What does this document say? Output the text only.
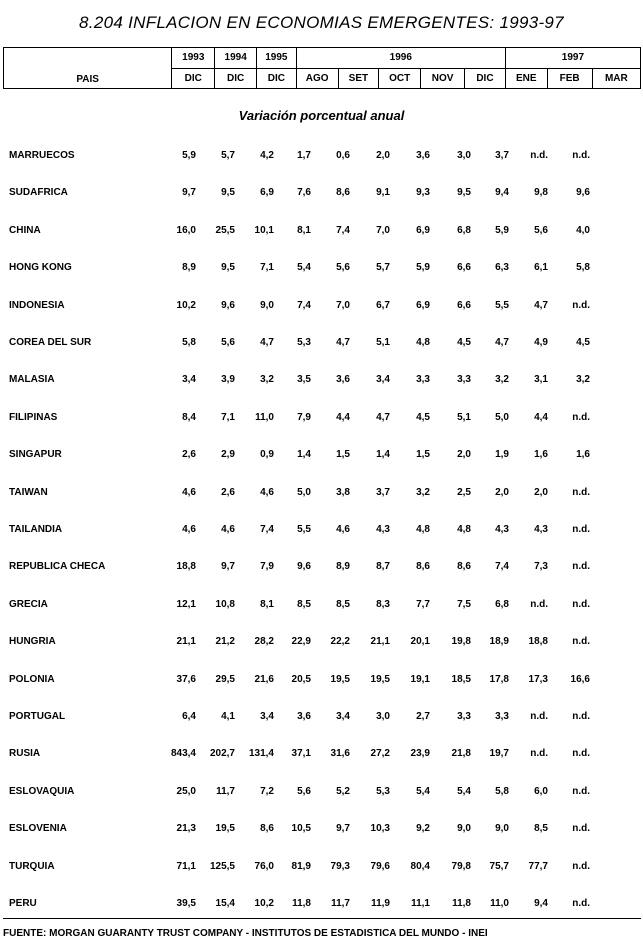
8.204 INFLACION EN ECONOMIAS EMERGENTES: 1993-97
PAIS	1993	1994	1995	1996					1997		
	DIC	DIC	DIC	AGO	SET	OCT	NOV	DIC	ENE	FEB	MAR
Variación porcentual anual
MARRUECOS	5,9	5,7	4,2	1,7	0,6	2,0	3,6	3,0	3,7	n.d.	n.d.
SUDAFRICA	9,7	9,5	6,9	7,6	8,6	9,1	9,3	9,5	9,4	9,8	9,6
CHINA	16,0	25,5	10,1	8,1	7,4	7,0	6,9	6,8	5,9	5,6	4,0
HONG KONG	8,9	9,5	7,1	5,4	5,6	5,7	5,9	6,6	6,3	6,1	5,8
INDONESIA	10,2	9,6	9,0	7,4	7,0	6,7	6,9	6,6	5,5	4,7	n.d.
COREA DEL SUR	5,8	5,6	4,7	5,3	4,7	5,1	4,8	4,5	4,7	4,9	4,5
MALASIA	3,4	3,9	3,2	3,5	3,6	3,4	3,3	3,3	3,2	3,1	3,2
FILIPINAS	8,4	7,1	11,0	7,9	4,4	4,7	4,5	5,1	5,0	4,4	n.d.
SINGAPUR	2,6	2,9	0,9	1,4	1,5	1,4	1,5	2,0	1,9	1,6	1,6
TAIWAN	4,6	2,6	4,6	5,0	3,8	3,7	3,2	2,5	2,0	2,0	n.d.
TAILANDIA	4,6	4,6	7,4	5,5	4,6	4,3	4,8	4,8	4,3	4,3	n.d.
REPUBLICA CHECA	18,8	9,7	7,9	9,6	8,9	8,7	8,6	8,6	7,4	7,3	n.d.
GRECIA	12,1	10,8	8,1	8,5	8,5	8,3	7,7	7,5	6,8	n.d.	n.d.
HUNGRIA	21,1	21,2	28,2	22,9	22,2	21,1	20,1	19,8	18,9	18,8	n.d.
POLONIA	37,6	29,5	21,6	20,5	19,5	19,5	19,1	18,5	17,8	17,3	16,6
PORTUGAL	6,4	4,1	3,4	3,6	3,4	3,0	2,7	3,3	3,3	n.d.	n.d.
RUSIA	843,4	202,7	131,4	37,1	31,6	27,2	23,9	21,8	19,7	n.d.	n.d.
ESLOVAQUIA	25,0	11,7	7,2	5,6	5,2	5,3	5,4	5,4	5,8	6,0	n.d.
ESLOVENIA	21,3	19,5	8,6	10,5	9,7	10,3	9,2	9,0	9,0	8,5	n.d.
TURQUIA	71,1	125,5	76,0	81,9	79,3	79,6	80,4	79,8	75,7	77,7	n.d.
PERU	39,5	15,4	10,2	11,8	11,7	11,9	11,1	11,8	11,0	9,4	n.d.
FUENTE: MORGAN GUARANTY TRUST COMPANY - INSTITUTOS DE ESTADISTICA DEL MUNDO - INEI
